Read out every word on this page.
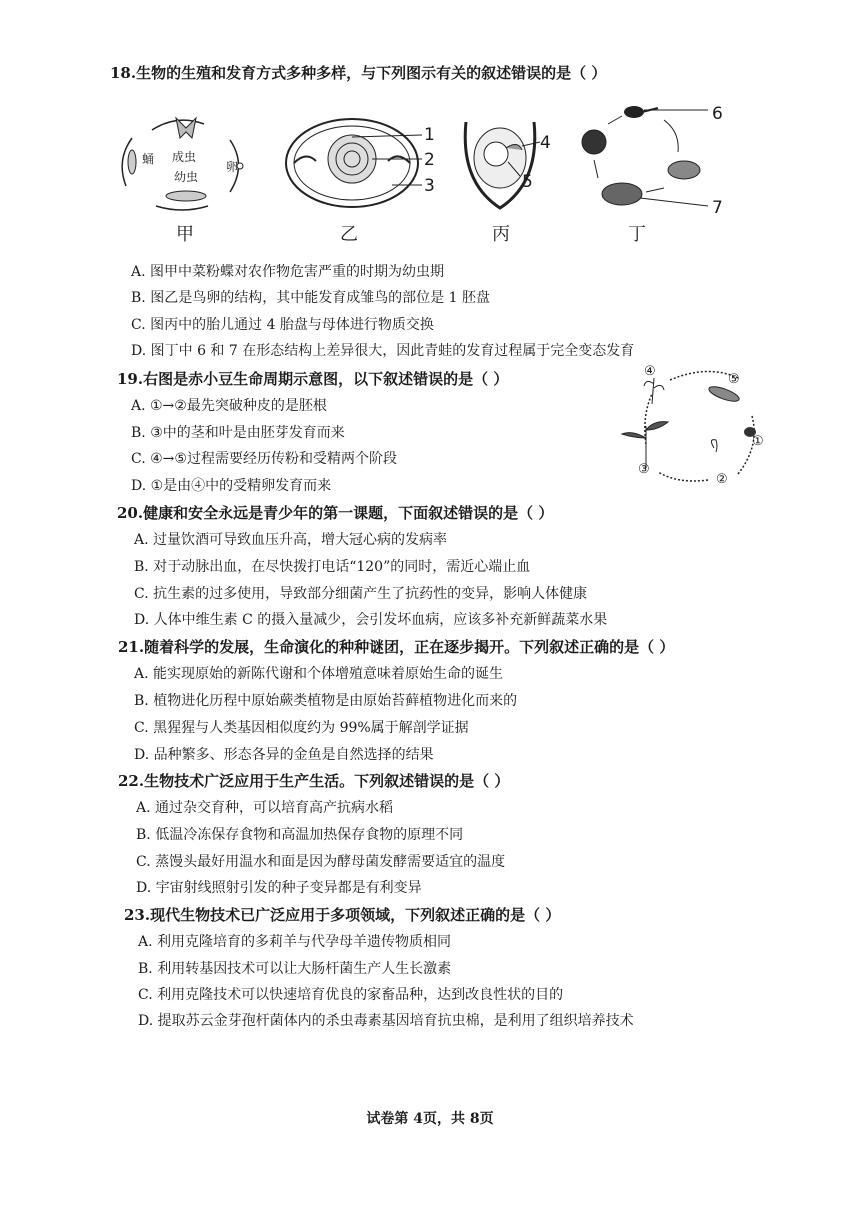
18.生物的生殖和发育方式多种多样，与下列图示有关的叙述错误的是（ ）
成虫
卵
幼虫
蛹
1
2
3
4
5
6
7
甲	乙	丙	丁
A. 图甲中菜粉蝶对农作物危害严重的时期为幼虫期
B. 图乙是鸟卵的结构，其中能发育成雏鸟的部位是 1 胚盘
C. 图丙中的胎儿通过 4 胎盘与母体进行物质交换
D. 图丁中 6 和 7 在形态结构上差异很大，因此青蛙的发育过程属于完全变态发育
19.右图是赤小豆生命周期示意图，以下叙述错误的是（ ）	④
⑤
①
②
③
A. ①→②最先突破种皮的是胚根
B. ③中的茎和叶是由胚芽发育而来
C. ④→⑤过程需要经历传粉和受精两个阶段
D. ①是由④中的受精卵发育而来
20.健康和安全永远是青少年的第一课题，下面叙述错误的是（ ）
A. 过量饮酒可导致血压升高，增大冠心病的发病率
B. 对于动脉出血，在尽快拨打电话“120”的同时，需近心端止血
C. 抗生素的过多使用，导致部分细菌产生了抗药性的变异，影响人体健康
D. 人体中维生素 C 的摄入量减少，会引发坏血病，应该多补充新鲜蔬菜水果
21.随着科学的发展，生命演化的种种谜团，正在逐步揭开。下列叙述正确的是（ ）
A. 能实现原始的新陈代谢和个体增殖意味着原始生命的诞生
B. 植物进化历程中原始蕨类植物是由原始苔藓植物进化而来的
C. 黑猩猩与人类基因相似度约为 99%属于解剖学证据
D. 品种繁多、形态各异的金鱼是自然选择的结果
22.生物技术广泛应用于生产生活。下列叙述错误的是（ ）
A. 通过杂交育种，可以培育高产抗病水稻
B. 低温冷冻保存食物和高温加热保存食物的原理不同
C. 蒸馒头最好用温水和面是因为酵母菌发酵需要适宜的温度
D. 宇宙射线照射引发的种子变异都是有利变异
23.现代生物技术已广泛应用于多项领域，下列叙述正确的是（ ）
A. 利用克隆培育的多莉羊与代孕母羊遗传物质相同
B. 利用转基因技术可以让大肠杆菌生产人生长激素
C. 利用克隆技术可以快速培育优良的家畜品种，达到改良性状的目的
D. 提取苏云金芽孢杆菌体内的杀虫毒素基因培育抗虫棉，是利用了组织培养技术
试卷第 4页，共 8页
